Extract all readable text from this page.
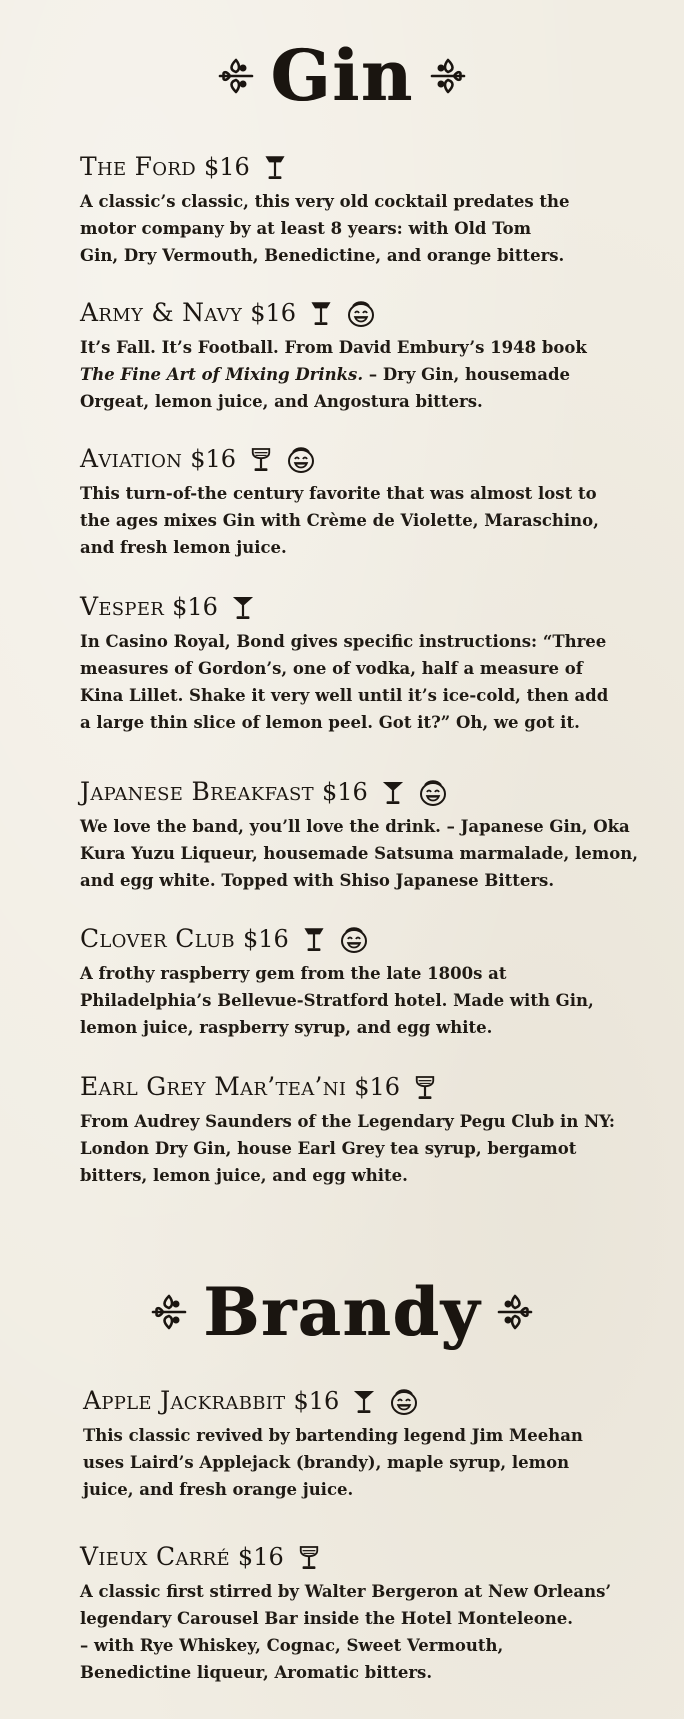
Gin
The Ford $16
A classic’s classic, this very old cocktail predates the
motor company by at least 8 years: with Old Tom
Gin, Dry Vermouth, Benedictine, and orange bitters.
Army & Navy $16
It’s Fall. It’s Football. From David Embury’s 1948 book
The Fine Art of Mixing Drinks. – Dry Gin, housemade
Orgeat, lemon juice, and Angostura bitters.
Aviation $16
This turn-of-the century favorite that was almost lost to
the ages mixes Gin with Crème de Violette, Maraschino,
and fresh lemon juice.
Vesper $16
In Casino Royal, Bond gives specific instructions: “Three
measures of Gordon’s, one of vodka, half a measure of
Kina Lillet. Shake it very well until it’s ice-cold, then add
a large thin slice of lemon peel. Got it?” Oh, we got it.
Japanese Breakfast $16
We love the band, you’ll love the drink. – Japanese Gin, Oka
Kura Yuzu Liqueur, housemade Satsuma marmalade, lemon,
and egg white. Topped with Shiso Japanese Bitters.
Clover Club $16
A frothy raspberry gem from the late 1800s at
Philadelphia’s Bellevue-Stratford hotel. Made with Gin,
lemon juice, raspberry syrup, and egg white.
Earl Grey Mar’tea’ni $16
From Audrey Saunders of the Legendary Pegu Club in NY:
London Dry Gin, house Earl Grey tea syrup, bergamot
bitters, lemon juice, and egg white.
Brandy
Apple Jackrabbit $16
This classic revived by bartending legend Jim Meehan
uses Laird’s Applejack (brandy), maple syrup, lemon
juice, and fresh orange juice.
Vieux Carré $16
A classic first stirred by Walter Bergeron at New Orleans’
legendary Carousel Bar inside the Hotel Monteleone.
– with Rye Whiskey, Cognac, Sweet Vermouth,
Benedictine liqueur, Aromatic bitters.
